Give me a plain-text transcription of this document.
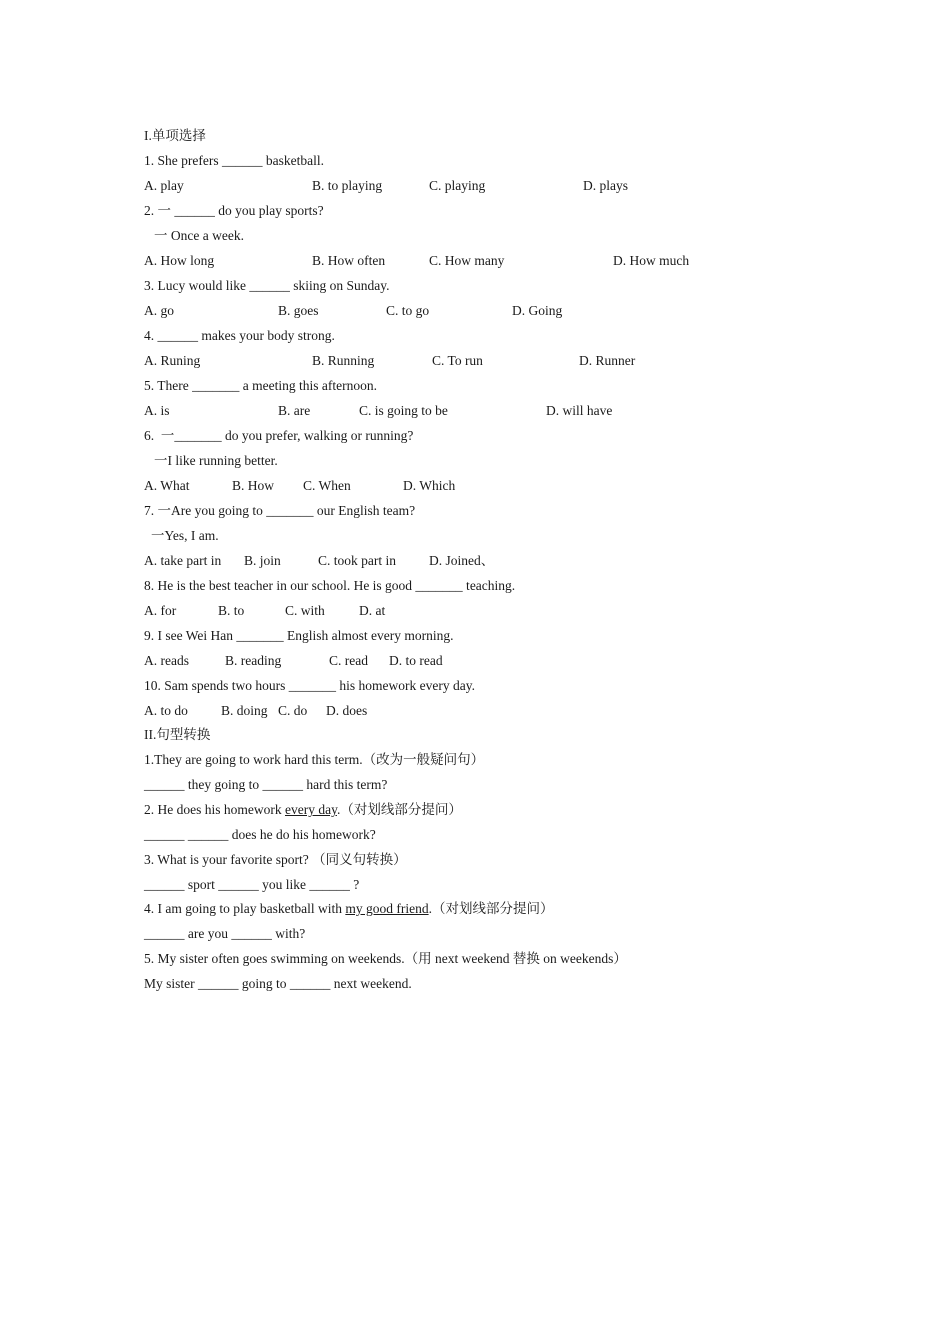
I.单项选择
1. She prefers ______ basketball.

A. play

	B. to playing

	C. playing

	D. plays

2. 一 ______ do you play sports?
一 Once a week.

A. How long

	B. How often

	C. How many

	D. How much

3. Lucy would like ______ skiing on Sunday.

A. go

	B. goes

	C. to go

	D. Going

4. ______ makes your body strong.

A. Runing

	B. Running

	C. To run

	D. Runner

5. There _______ a meeting this afternoon.

A. is

	B. are

	C. is going to be

	D. will have

6.  一_______ do you prefer, walking or running?
一I like running better.

A. What

	B. How

C. When

	D. Which

7. 一Are you going to _______ our English team?
一Yes, I am.

A. take part in

B. join

	C. took part in

D. Joined、

8. He is the best teacher in our school. He is good _______ teaching.

A. for

	B. to

	C. with

	D. at

9. I see Wei Han _______ English almost every morning.

A. reads

	B. reading

	C. read

D. to read

10. Sam spends two hours _______ his homework every day.

A. to do

B. doing

C. do

D. does

II.句型转换
1.They are going to work hard this term.（改为一般疑问句）
______ they going to ______ hard this term?
2. He does his homework every day.（对划线部分提问）
______ ______ does he do his homework?
3. What is your favorite sport? （同义句转换）
______ sport ______ you like ______ ?
4. I am going to play basketball with my good friend.（对划线部分提问）
______ are you ______ with?
5. My sister often goes swimming on weekends.（用 next weekend 替换 on weekends）
My sister ______ going to ______ next weekend.
